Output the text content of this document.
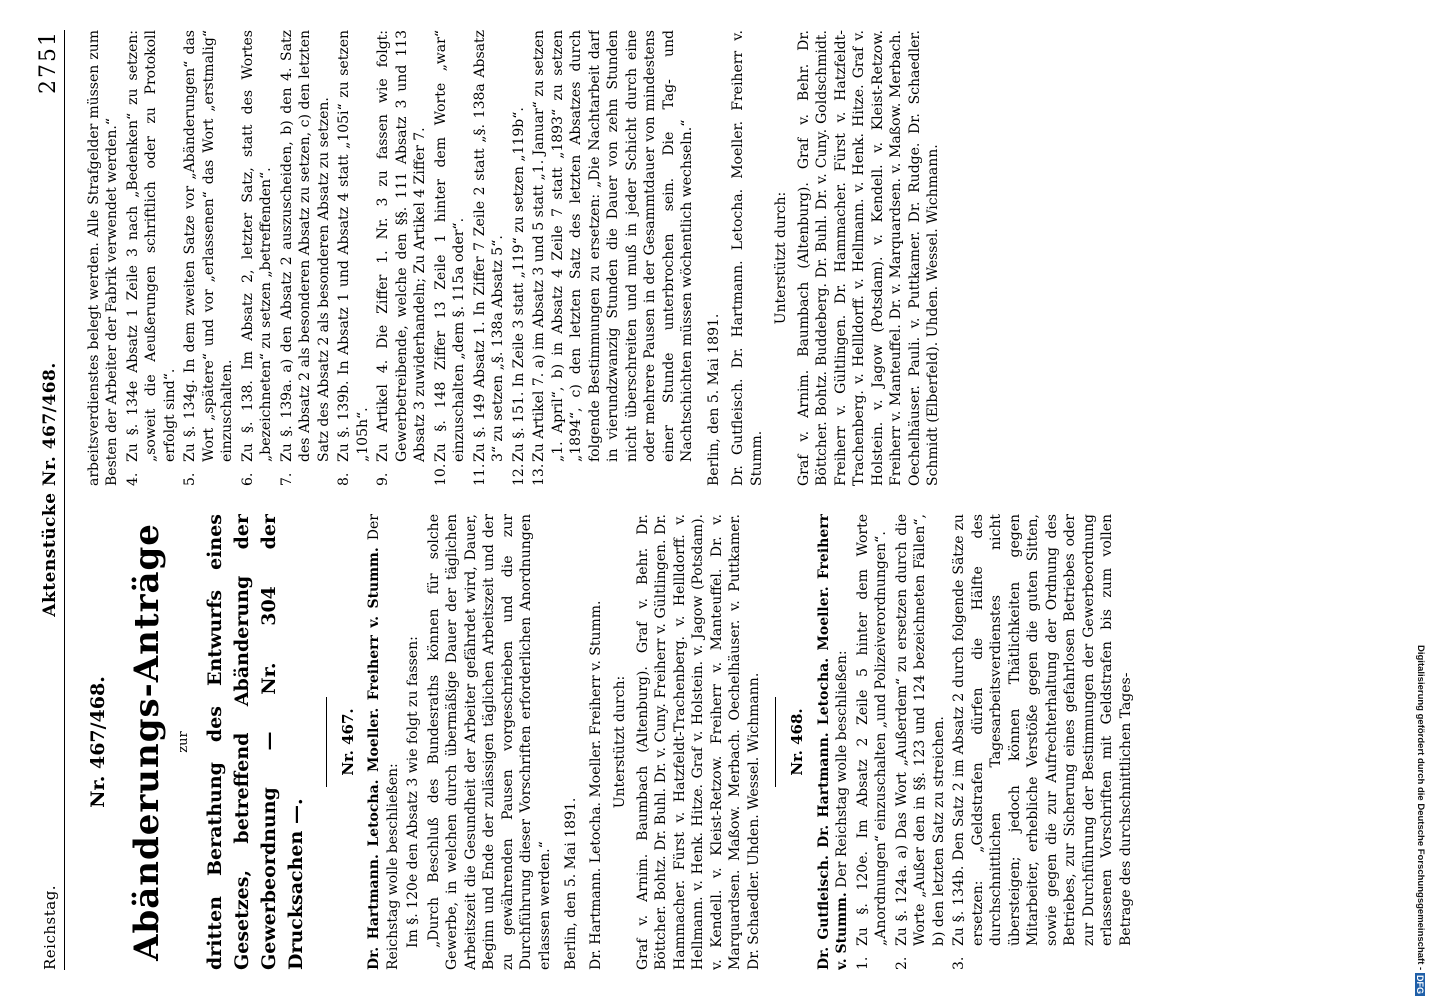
Reichstag.
Aktenstücke Nr. 467/468.
2751
Nr. 467/468. Abänderungs-Anträge zur dritten Berathung des Entwurfs eines Gesetzes, betreffend Abänderung der Gewerbeordnung — Nr. 304 der Drucksachen —.
Nr. 467. Dr. Hartmann. Letocha. Moeller. Freiherr v. Stumm. Der Reichstag wolle beschließen: Im §. 120e den Absatz 3 wie folgt zu fassen: „Durch Beschluß des Bundesraths können für solche Gewerbe, in welchen durch übermäßige Dauer der täglichen Arbeitszeit die Gesundheit der Arbeiter gefährdet wird, Dauer, Beginn und Ende der zulässigen täglichen Arbeitszeit und der zu gewährenden Pausen vorgeschrieben und die zur Durchführung dieser Vorschriften erforderlichen Anordnungen erlassen werden.“ Berlin, den 5. Mai 1891. Dr. Hartmann. Letocha. Moeller. Freiherr v. Stumm. Unterstützt durch: Graf v. Arnim. Baumbach (Altenburg). Graf v. Behr. Dr. Böttcher. Bohtz. Dr. Buhl. Dr. v. Cuny. Freiherr v. Gültlingen. Dr. Hammacher. Fürst v. Hatzfeldt-Trachenberg. v. Hellldorff. v. Hellmann. v. Henk. Hitze. Graf v. Holstein. v. Jagow (Potsdam). v. Kendell. v. Kleist-Retzow. Freiherr v. Manteuffel. Dr. v. Marquardsen. Maßow. Merbach. Oechelhäuser. v. Puttkamer. Dr. Schaedler. Uhden. Wessel. Wichmann. Nr. 468. Dr. Gutfleisch. Dr. Hartmann. Letocha. Moeller. Freiherr v. Stumm. Der Reichstag wolle beschließen:

1.
Zu §. 120e. Im Absatz 2 Zeile 5 hinter dem Worte „Anordnungen“ einzuschalten „und Polizeiverordnungen“.
2.
Zu §. 124a. a) Das Wort „Außerdem“ zu ersetzen durch die Worte „Außer den in §§. 123 und 124 bezeichneten Fällen“, b) den letzten Satz zu streichen.
3.
Zu §. 134b. Den Satz 2 im Absatz 2 durch folgende Sätze zu ersetzen: „Geldstrafen dürfen die Hälfte des durchschnittlichen Tagesarbeitsverdienstes nicht übersteigen; jedoch können Thätlichkeiten gegen Mitarbeiter, erhebliche Verstöße gegen die guten Sitten, sowie gegen die zur Aufrechterhaltung der Ordnung des Betriebes, zur Sicherung eines gefahrlosen Betriebes oder zur Durchführung der Bestimmungen der Gewerbeordnung erlassenen Vorschriften mit Geldstrafen bis zum vollen Betrage des durchschnittlichen Tages-

arbeitsverdienstes belegt werden. Alle Strafgelder müssen zum Besten der Arbeiter der Fabrik verwendet werden.“ 4.
Zu §. 134e Absatz 1 Zeile 3 nach „Bedenken“ zu setzen: „soweit die Aeußerungen schriftlich oder zu Protokoll erfolgt sind“.
5.
Zu §. 134g. In dem zweiten Satze vor „Abänderungen“ das Wort „spätere“ und vor „erlassenen“ das Wort „erstmalig“ einzuschalten.
6.
Zu §. 138. Im Absatz 2, letzter Satz, statt des Wortes „bezeichneten“ zu setzen „betreffenden“.
7.
Zu §. 139a. a) den Absatz 2 auszuscheiden, b) den 4. Satz des Absatz 2 als besonderen Absatz zu setzen, c) den letzten Satz des Absatz 2 als besonderen Absatz zu setzen.
8.
Zu §. 139b. In Absatz 1 und Absatz 4 statt „105i“ zu setzen „105h“.
9.
Zu Artikel 4. Die Ziffer 1. Nr. 3 zu fassen wie folgt: Gewerbetreibende, welche den §§. 111 Absatz 3 und 113 Absatz 3 zuwiderhandeln; Zu Artikel 4 Ziffer 7.
10.
Zu §. 148 Ziffer 13 Zeile 1 hinter dem Worte „war“ einzuschalten „dem §. 115a oder“.
11.
Zu §. 149 Absatz 1. In Ziffer 7 Zeile 2 statt „§. 138a Absatz 3“ zu setzen „§. 138a Absatz 5“.
12.
Zu §. 151. In Zeile 3 statt „119“ zu setzen „119b“.
13.
Zu Artikel 7. a) im Absatz 3 und 5 statt „1. Januar“ zu setzen „1. April“, b) in Absatz 4 Zeile 7 statt „1893“ zu setzen „1894“, c) den letzten Satz des letzten Absatzes durch folgende Bestimmungen zu ersetzen: „Die Nachtarbeit darf in vierundzwanzig Stunden die Dauer von zehn Stunden nicht überschreiten und muß in jeder Schicht durch eine oder mehrere Pausen in der Gesammtdauer von mindestens einer Stunde unterbrochen sein. Die Tag- und Nachtschichten müssen wöchentlich wechseln.“ Berlin, den 5. Mai 1891. Dr. Gutfleisch. Dr. Hartmann. Letocha. Moeller. Freiherr v. Stumm.

Unterstützt durch: Graf v. Arnim. Baumbach (Altenburg). Graf v. Behr. Dr. Böttcher. Bohtz. Buddeberg. Dr. Buhl. Dr. v. Cuny. Goldschmidt. Freiherr v. Gültlingen. Dr. Hammacher. Fürst v. Hatzfeldt-Trachenberg. v. Hellldorff. v. Hellmann. v. Henk. Hitze. Graf v. Holstein. v. Jagow (Potsdam). v. Kendell. v. Kleist-Retzow. Freiherr v. Manteuffel. Dr. v. Marquardsen. v. Maßow. Merbach. Oechelhäuser. Pauli. v. Puttkamer. Dr. Rudge. Dr. Schaedler. Schmidt (Elberfeld). Uhden. Wessel. Wichmann.

Digitalisierung gefördert durch die Deutsche Forschungsgemeinschaft - DFG
